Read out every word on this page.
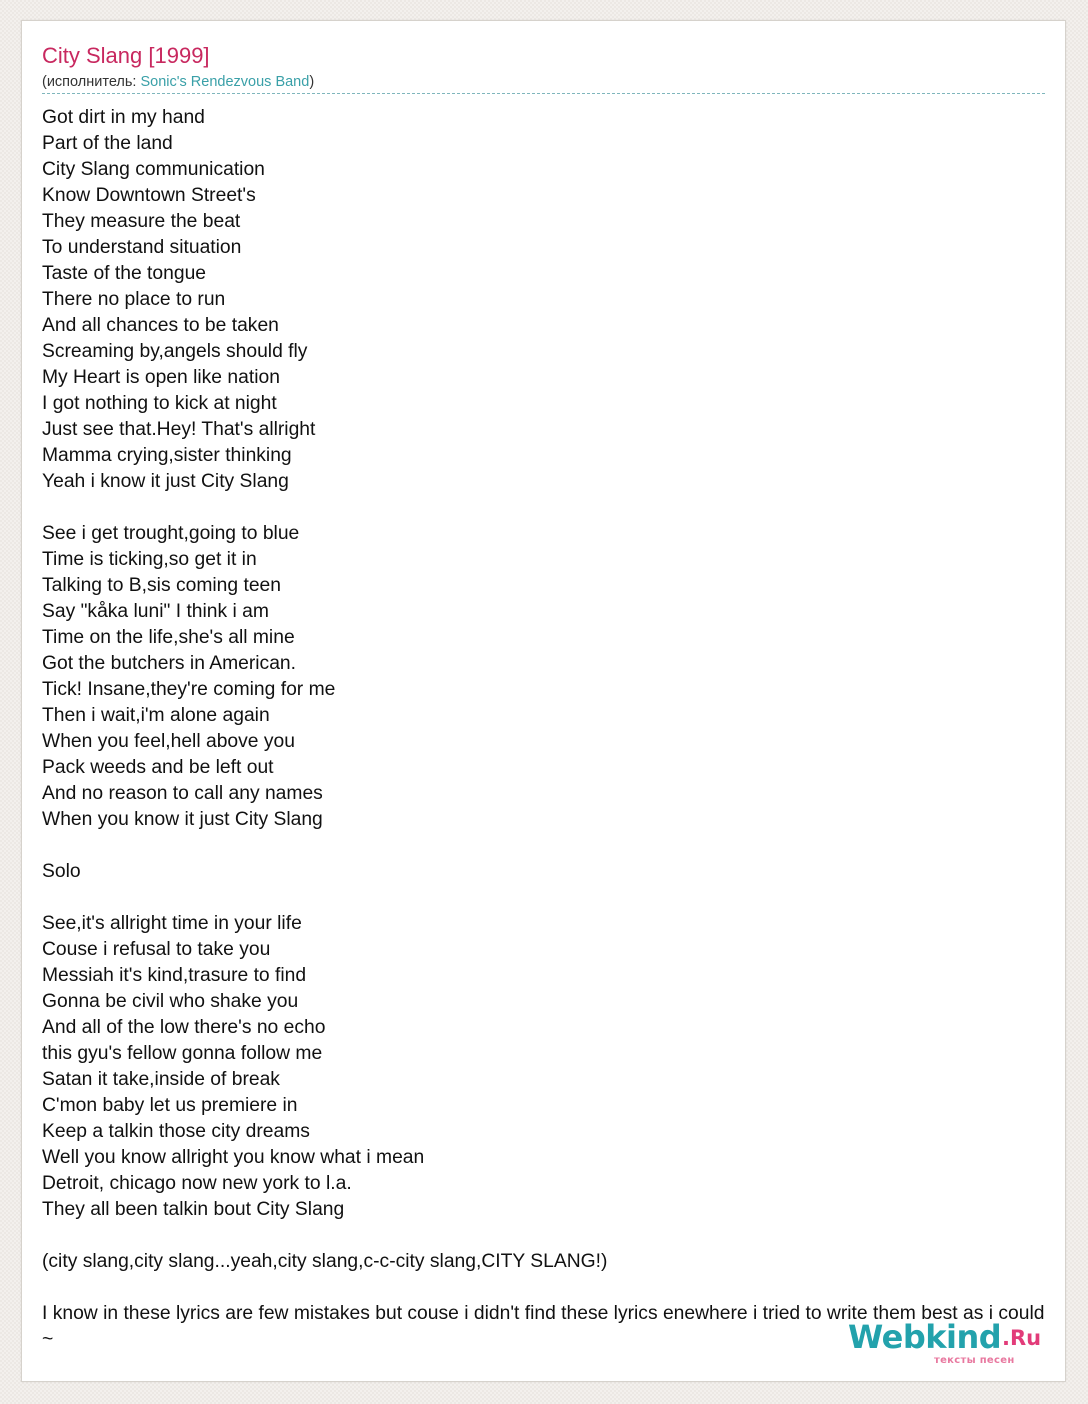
City Slang [1999]
(исполнитель: Sonic's Rendezvous Band)
Got dirt in my hand
Part of the land
City Slang communication
Know Downtown Street's
They measure the beat
To understand situation
Taste of the tongue
There no place to run
And all chances to be taken
Screaming by,angels should fly
My Heart is open like nation
I got nothing to kick at night
Just see that.Hey! That's allright
Mamma crying,sister thinking
Yeah i know it just City Slang
See i get trought,going to blue
Time is ticking,so get it in
Talking to B,sis coming teen
Say "kåka luni" I think i am
Time on the life,she's all mine
Got the butchers in American.
Tick! Insane,they're coming for me
Then i wait,i'm alone again
When you feel,hell above you
Pack weeds and be left out
And no reason to call any names
When you know it just City Slang
Solo
See,it's allright time in your life
Couse i refusal to take you
Messiah it's kind,trasure to find
Gonna be civil who shake you
And all of the low there's no echo
this gyu's fellow gonna follow me
Satan it take,inside of break
C'mon baby let us premiere in
Keep a talkin those city dreams
Well you know allright you know what i mean
Detroit, chicago now new york to l.a.
They all been talkin bout City Slang
(city slang,city slang...yeah,city slang,c-c-city slang,CITY SLANG!)
I know in these lyrics are few mistakes but couse i didn't find these lyrics enewhere i tried to write them best as i could
~	Webkind .Ru
тексты песен
